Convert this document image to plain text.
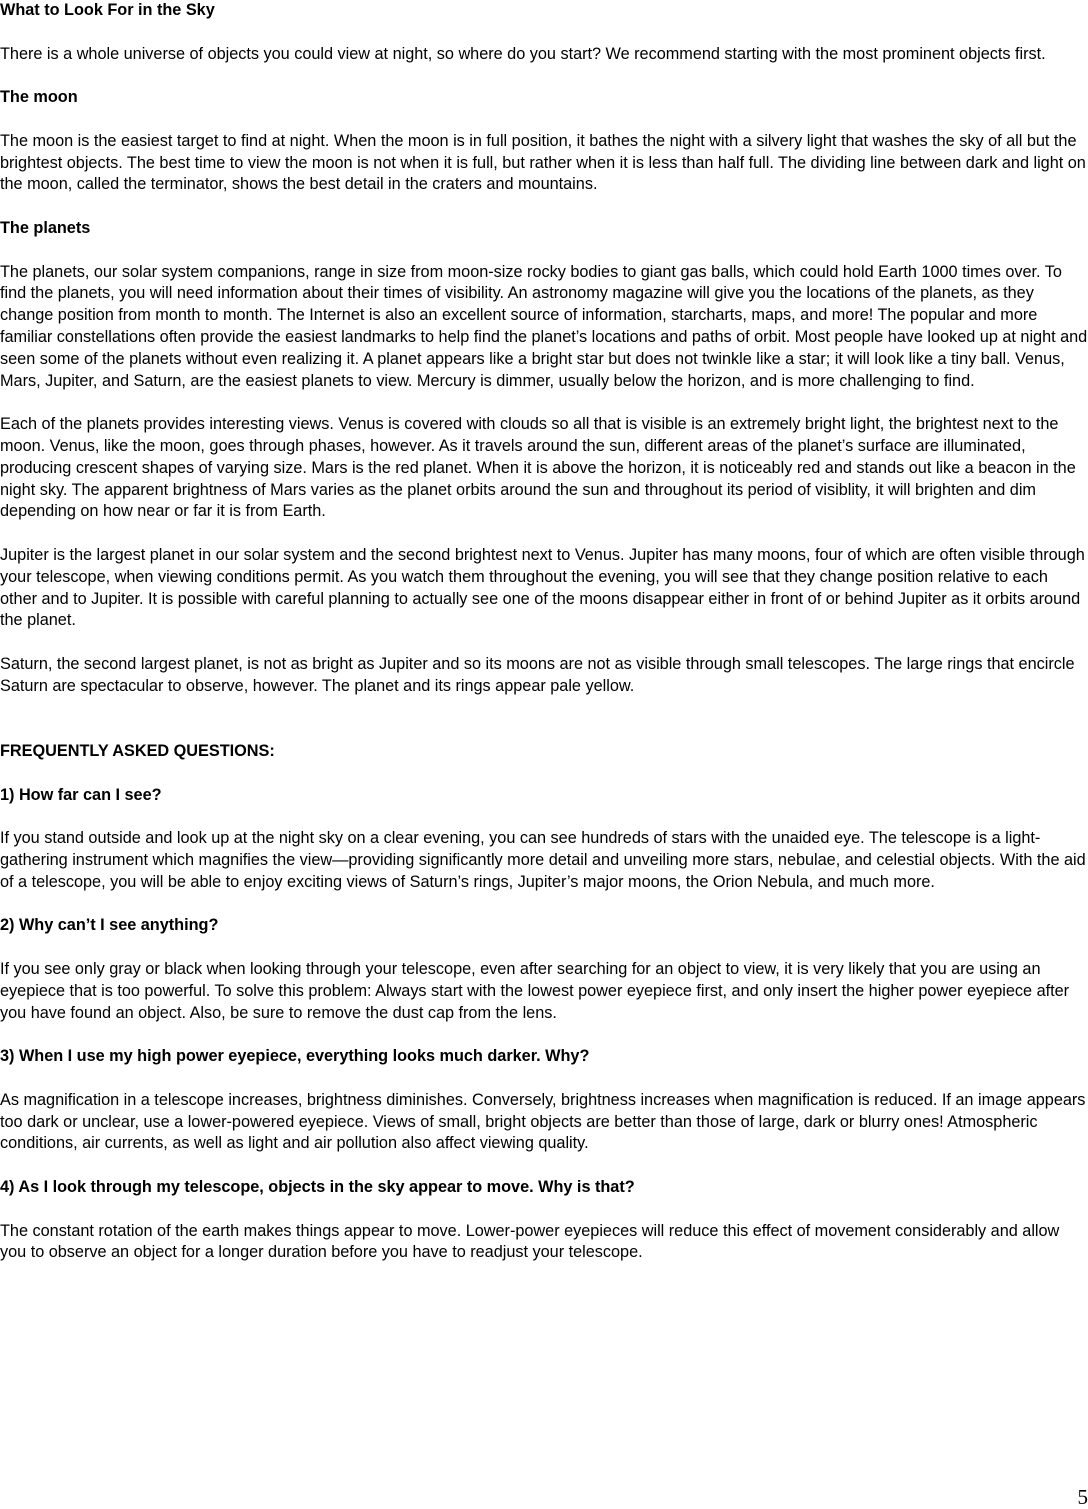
What to Look For in the Sky

There is a whole universe of objects you could view at night, so where do you start? We recommend starting with the most prominent objects first.

The moon

The moon is the easiest target to find at night. When the moon is in full position, it bathes the night with a silvery light that washes the sky of all but the brightest objects. The best time to view the moon is not when it is full, but rather when it is less than half full. The dividing line between dark and light on the moon, called the terminator, shows the best detail in the craters and mountains.

The planets

The planets, our solar system companions, range in size from moon-size rocky bodies to giant gas balls, which could hold Earth 1000 times over. To find the planets, you will need information about their times of visibility. An astronomy magazine will give you the locations of the planets, as they change position from month to month. The Internet is also an excellent source of information, starcharts, maps, and more! The popular and more familiar constellations often provide the easiest landmarks to help find the planet’s locations and paths of orbit. Most people have looked up at night and seen some of the planets without even realizing it. A planet appears like a bright star but does not twinkle like a star; it will look like a tiny ball. Venus, Mars, Jupiter, and Saturn, are the easiest planets to view. Mercury is dimmer, usually below the horizon, and is more challenging to find.

Each of the planets provides interesting views. Venus is covered with clouds so all that is visible is an extremely bright light, the brightest next to the moon. Venus, like the moon, goes through phases, however. As it travels around the sun, different areas of the planet’s surface are illuminated, producing crescent shapes of varying size. Mars is the red planet. When it is above the horizon, it is noticeably red and stands out like a beacon in the night sky. The apparent brightness of Mars varies as the planet orbits around the sun and throughout its period of visiblity, it will brighten and dim depending on how near or far it is from Earth.

Jupiter is the largest planet in our solar system and the second brightest next to Venus. Jupiter has many moons, four of which are often visible through your telescope, when viewing conditions permit. As you watch them throughout the evening, you will see that they change position relative to each other and to Jupiter. It is possible with careful planning to actually see one of the moons disappear either in front of or behind Jupiter as it orbits around the planet.

Saturn, the second largest planet, is not as bright as Jupiter and so its moons are not as visible through small telescopes. The large rings that encircle Saturn are spectacular to observe, however. The planet and its rings appear pale yellow.

FREQUENTLY ASKED QUESTIONS:

1) How far can I see?

If you stand outside and look up at the night sky on a clear evening, you can see hundreds of stars with the unaided eye. The telescope is a light-gathering instrument which magnifies the view—providing significantly more detail and unveiling more stars, nebulae, and celestial objects. With the aid of a telescope, you will be able to enjoy exciting views of Saturn’s rings, Jupiter’s major moons, the Orion Nebula, and much more.

2) Why can’t I see anything?

If you see only gray or black when looking through your telescope, even after searching for an object to view, it is very likely that you are using an eyepiece that is too powerful. To solve this problem: Always start with the lowest power eyepiece first, and only insert the higher power eyepiece after you have found an object. Also, be sure to remove the dust cap from the lens.

3) When I use my high power eyepiece, everything looks much darker. Why?

As magnification in a telescope increases, brightness diminishes. Conversely, brightness increases when magnification is reduced. If an image appears too dark or unclear, use a lower-powered eyepiece. Views of small, bright objects are better than those of large, dark or blurry ones! Atmospheric conditions, air currents, as well as light and air pollution also affect viewing quality.

4) As I look through my telescope, objects in the sky appear to move. Why is that?

The constant rotation of the earth makes things appear to move. Lower-power eyepieces will reduce this effect of movement considerably and allow you to observe an object for a longer duration before you have to readjust your telescope.

5
